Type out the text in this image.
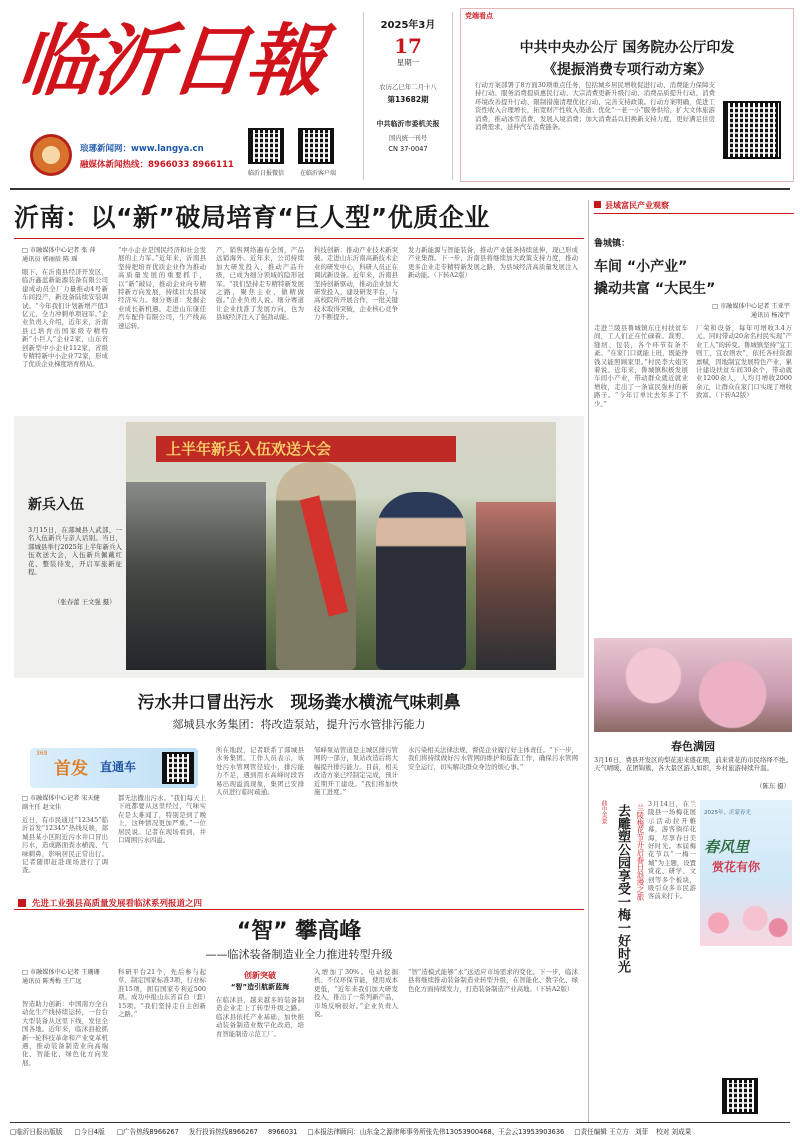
临沂日報
琅琊新闻网：www.langya.cn
融媒体新闻热线：8966033 8966111
临沂日报微信	在临沂客户端
2025年3月
17
星期一
农历乙巳年二月十八
第13682期
中共临沂市委机关报
国内统一刊号
CN 37-0047
党端看点
中共中央办公厅 国务院办公厅印发
《提振消费专项行动方案》
行动方案部署了8方面30项重点任务，包括城乡居民增收促进行动、消费能力保障支持行动、服务消费提质惠民行动、大宗消费更新升级行动、消费品质提升行动、消费环境改善提升行动、限制措施清理优化行动、完善支持政策。行动方案明确，促进工资性收入合理增长，拓宽财产性收入渠道；优化“一老一小”服务供给，扩大文体旅游消费，推动冰雪消费，发展入境消费；加大消费品以旧换新支持力度，更好满足住房消费需求，延伸汽车消费链条。
沂南：以“新”破局培育“巨人型”优质企业
□ 市融媒体中心记者 张 萍
通讯员 郭丽辰 陈 瑶
眼下，在沂南县经济开发区，临沂鑫蓝新能源装备有限公司建成动员全厂力量推动4号新车间投产，新设备陆续安装调试。“今年我们计划新增产值3亿元，全力冲刺单项冠军。”企业负责人介绍，近年来，沂南县已培育出国家级专精特新“小巨人”企业2家、山东省创新型中小企业112家、省级专精特新中小企业72家，形成了优质企业梯度培育格局。
“中小企业是国民经济和社会发展的主力军。”近年来，沂南县坚持把培育优质企业作为推动高质量发展的重要抓手，以“新”破局，推动企业向专精特新方向发展，持续壮大县域经济实力。细分赛道：发掘企业成长新机遇。走进山东康佳汽车配件有限公司，生产线高速运转。
产，销售网络遍布全国，产品远销海外。近年来，公司持续加大研发投入，推动产品升级，已成为细分领域的隐形冠军。“我们坚持走专精特新发展之路，聚焦主业、做精做强。”企业负责人说。细分赛道让企业找准了发展方向，也为县域经济注入了强劲动能。
科技创新：推动产业技术新突破。走进山东沂南高新技术企业的研发中心，科研人员正在调试新设备。近年来，沂南县坚持创新驱动，推动企业加大研发投入，建设研发平台，与高校院所开展合作，一批关键技术取得突破，企业核心竞争力不断提升。
发力新能源与智能装备，推动产业链条持续延伸，现已形成产业集群。下一步，沂南县将继续加大政策支持力度，推动更多企业走专精特新发展之路，为县域经济高质量发展注入新动能。（下转A2版）
新兵入伍
3月15日，在郯城县人武部，一名入伍新兵与亲人话别。当日，郯城县举行2025年上半年新兵入伍欢送大会，入伍新兵佩戴红花、整装待发，开启军旅新征程。
（张春蕾 王文强 摄）
上半年新兵入伍欢送大会
污水井口冒出污水　现场粪水横流气味刺鼻
郯城县水务集团：将改造泵站，提升污水管排污能力
369
首发 直通车
□ 市融媒体中心记者 宋天健
副主任 赵文佳
近日，有市民通过“12345”临沂首发“12345”热线反映，郯城县某小区附近污水井口冒出污水，造成路面粪水横流、气味刺鼻，影响居民正常出行。记者随即赶赴现场进行了调查。
都无法撒出污水。“我们每天上下班都要从这里经过，气味实在是太难闻了，特别是到了晚上，这种情况更加严重。”一位居民说。记者在现场看到，井口周围污水四溢。
所在地段，记者联系了郯城县水务集团。工作人员表示，该处污水管网管径较小，排污能力不足，遇到用水高峰时段容易出现溢流现象，集团已安排人员进行临时疏通。
邹峰泵站管道是主城区排污管网的一部分，泵站改造后将大幅提升排污能力。目前，相关改造方案已经制定完成，预计近期开工建设。“我们将加快施工进度。”
水污染相关法律法规，督促企业履行好主体责任。“下一步，我们将持续做好污水管网的维护和巡查工作，确保污水管网安全运行，切实解决群众身边的烦心事。”
先进工业强县高质量发展看临沭系列报道之四
“智” 攀高峰
——临沭装备制造业全力推进转型升级
□ 市融媒体中心记者 王珊珊
通讯员 陈秀梅 王广远
智造助力创新：中国南方全自动化生产线持续运转，一台台大型装备从这里下线，发往全国各地。近年来，临沭县抢抓新一轮科技革命和产业变革机遇，推动装备制造业向高端化、智能化、绿色化方向发展。
科研平台21个，先后参与起草、制定国家标准3项，行业标准15项，拥有国家专利近500项。成功申报山东省首台（套）15项。“我们坚持走自主创新之路。”
创新突破
“智”造引航新蓝海
在临沭县，越来越多的装备制造企业走上了转型升级之路。临沭县依托产业基础，加快推动装备制造业数字化改造，培育智能制造示范工厂。
入增加了30%。电动挖掘机、不仅环保节能，使用成本更低，“近年来我们加大研发投入，推出了一系列新产品，市场反响很好。”企业负责人说。
“智”造模式能够“永”远适应市场需求的变化。下一步，临沭县将继续推动装备制造业转型升级，在智能化、数字化、绿色化方面持续发力，打造装备制造产业高地。（下转A2版）
县域富民产业观察
鲁城镇：
车间 “小产业”
撬动共富 “大民生”
□ 市融媒体中心记者 王亚宇
通讯员 杨凌宇
走进兰陵县鲁城镇东庄村扶贫车间，工人们正在忙碌着。裁剪、缝纫、包装，各个环节有条不紊。“在家门口就能上班，既能挣钱又能照顾家里。”村民李大姐笑着说。近年来，鲁城镇积极发展车间小产业，带动群众就近就业增收，走出了一条富民强村的新路子。“今年订单比去年多了不少。”
厂荣和设备，每年可增收3.4万元。同时带动20余名村民实现“产业工人”的转变。鲁城镇坚持“宜工则工、宜农则农”，依托各村资源禀赋，因地制宜发展特色产业，累计建设扶贫车间30余个，带动就业1200余人，人均月增收2000余元，让群众在家门口实现了增收致富。（下转A2版）
春色满园
3月16日，费县开发区的梨花迎来盛花期，前来赏花的市民络绎不绝。天气晴暖，花团锦簇，各大景区游人如织，乡村旅游持续升温。
（陈东 摄）
曲中美景 去雕塑公园享受一梅一好时光 兰陵梅花节开启春日浪漫之旅 3月14日，在兰陵县一场梅花展示活动拉开帷幕，游客徜徉花海，尽享春日美好时光。本届梅花节以“一梅一城”为主题，设置赏花、研学、文创等多个板块，吸引众多市民游客前来打卡。
春风里
赏花有你
2025年，沂蒙春光
□临沂日报出版版 □今日4版 □广告热线8966267 发行投诉热线8966267 8966031 □本报法律顾问：山东金之源律师事务所张先伟13053900468、王会云13953903636 □责任编辑 王立方 刘菲 校对 刘成果
